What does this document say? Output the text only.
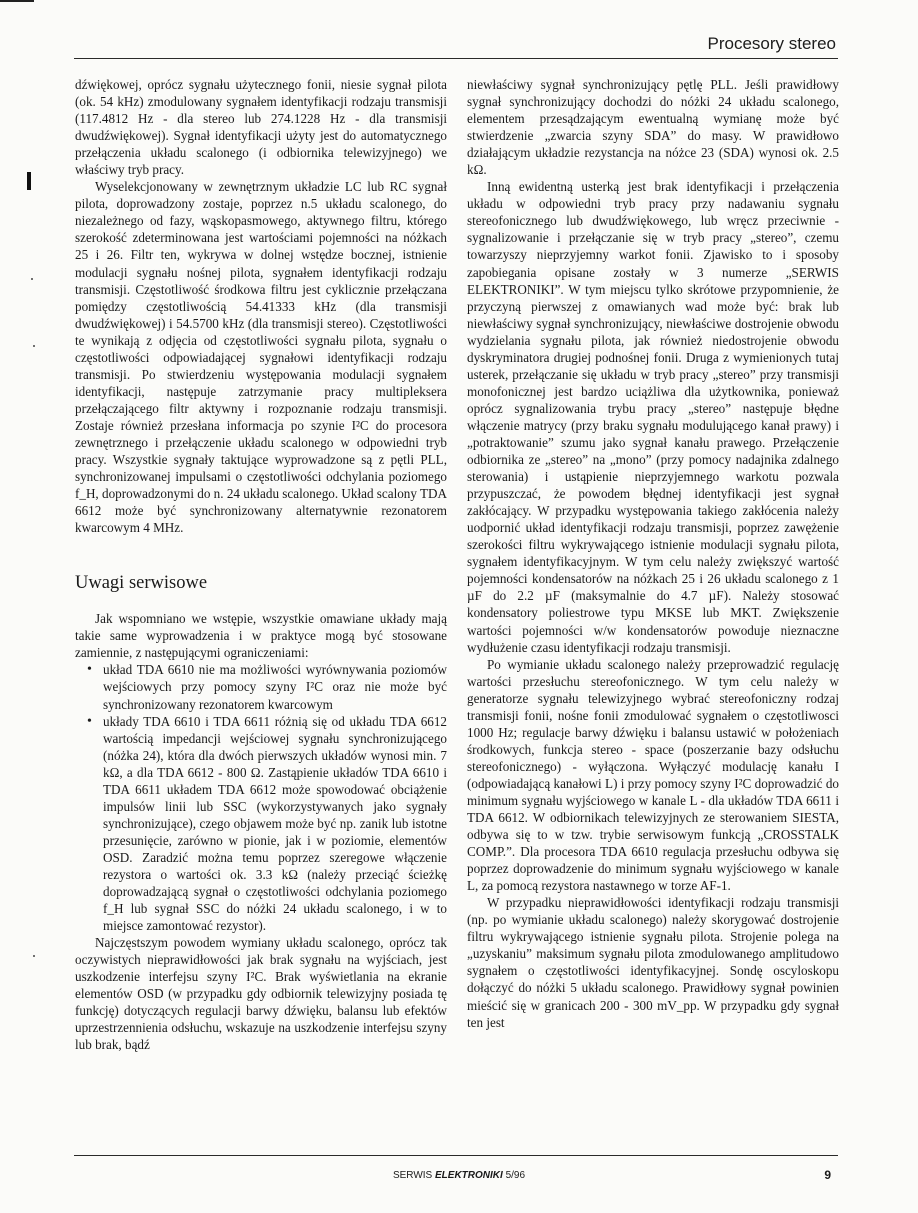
Procesory stereo

dźwiękowej, oprócz sygnału użytecznego fonii, niesie sygnał pilota (ok. 54 kHz) zmodulowany sygnałem identyfikacji rodzaju transmisji (117.4812 Hz - dla stereo lub 274.1228 Hz - dla transmisji dwudźwiękowej). Sygnał identyfikacji użyty jest do automatycznego przełączenia układu scalonego (i odbiornika telewizyjnego) we właściwy tryb pracy.

Wyselekcjonowany w zewnętrznym układzie LC lub RC sygnał pilota, doprowadzony zostaje, poprzez n.5 układu scalonego, do niezależnego od fazy, wąskopasmowego, aktywnego filtru, którego szerokość zdeterminowana jest wartościami pojemności na nóżkach 25 i 26. Filtr ten, wykrywa w dolnej wstędze bocznej, istnienie modulacji sygnału nośnej pilota, sygnałem identyfikacji rodzaju transmisji. Częstotliwość środkowa filtru jest cyklicznie przełączana pomiędzy częstotliwością 54.41333 kHz (dla transmisji dwudźwiękowej) i 54.5700 kHz (dla transmisji stereo). Częstotliwości te wynikają z odjęcia od częstotliwości sygnału pilota, sygnału o częstotliwości odpowiadającej sygnałowi identyfikacji rodzaju transmisji. Po stwierdzeniu występowania modulacji sygnałem identyfikacji, następuje zatrzymanie pracy multipleksera przełączającego filtr aktywny i rozpoznanie rodzaju transmisji. Zostaje również przesłana informacja po szynie I²C do procesora zewnętrznego i przełączenie układu scalonego w odpowiedni tryb pracy. Wszystkie sygnały taktujące wyprowadzone są z pętli PLL, synchronizowanej impulsami o częstotliwości odchylania poziomego f_H, doprowadzonymi do n. 24 układu scalonego. Układ scalony TDA 6612 może być synchronizowany alternatywnie rezonatorem kwarcowym 4 MHz.

Uwagi serwisowe

Jak wspomniano we wstępie, wszystkie omawiane układy mają takie same wyprowadzenia i w praktyce mogą być stosowane zamiennie, z następującymi ograniczeniami:

• układ TDA 6610 nie ma możliwości wyrównywania poziomów wejściowych przy pomocy szyny I²C oraz nie może być synchronizowany rezonatorem kwarcowym
• układy TDA 6610 i TDA 6611 różnią się od układu TDA 6612 wartością impedancji wejściowej sygnału synchronizującego (nóżka 24), która dla dwóch pierwszych układów wynosi min. 7 kΩ, a dla TDA 6612 - 800 Ω. Zastąpienie układów TDA 6610 i TDA 6611 układem TDA 6612 może spowodować obciążenie impulsów linii lub SSC (wykorzystywanych jako sygnały synchronizujące), czego objawem może być np. zanik lub istotne przesunięcie, zarówno w pionie, jak i w poziomie, elementów OSD. Zaradzić można temu poprzez szeregowe włączenie rezystora o wartości ok. 3.3 kΩ (należy przeciąć ścieżkę doprowadzającą sygnał o częstotliwości odchylania poziomego f_H lub sygnał SSC do nóżki 24 układu scalonego, i w to miejsce zamontować rezystor).

Najczęstszym powodem wymiany układu scalonego, oprócz tak oczywistych nieprawidłowości jak brak sygnału na wyjściach, jest uszkodzenie interfejsu szyny I²C. Brak wyświetlania na ekranie elementów OSD (w przypadku gdy odbiornik telewizyjny posiada tę funkcję) dotyczących regulacji barwy dźwięku, balansu lub efektów uprzestrzennienia odsłuchu, wskazuje na uszkodzenie interfejsu szyny lub brak, bądź

niewłaściwy sygnał synchronizujący pętlę PLL. Jeśli prawidłowy sygnał synchronizujący dochodzi do nóżki 24 układu scalonego, elementem przesądzającym ewentualną wymianę może być stwierdzenie „zwarcia szyny SDA” do masy. W prawidłowo działającym układzie rezystancja na nóżce 23 (SDA) wynosi ok. 2.5 kΩ.

Inną ewidentną usterką jest brak identyfikacji i przełączenia układu w odpowiedni tryb pracy przy nadawaniu sygnału stereofonicznego lub dwudźwiękowego, lub wręcz przeciwnie - sygnalizowanie i przełączanie się w tryb pracy „stereo”, czemu towarzyszy nieprzyjemny warkot fonii. Zjawisko to i sposoby zapobiegania opisane zostały w 3 numerze „SERWIS ELEKTRONIKI”. W tym miejscu tylko skrótowe przypomnienie, że przyczyną pierwszej z omawianych wad może być: brak lub niewłaściwy sygnał synchronizujący, niewłaściwe dostrojenie obwodu wydzielania sygnału pilota, jak również niedostrojenie obwodu dyskryminatora drugiej podnośnej fonii. Druga z wymienionych tutaj usterek, przełączanie się układu w tryb pracy „stereo” przy transmisji monofonicznej jest bardzo uciążliwa dla użytkownika, ponieważ oprócz sygnalizowania trybu pracy „stereo” następuje błędne włączenie matrycy (przy braku sygnału modulującego kanał prawy) i „potraktowanie” szumu jako sygnał kanału prawego. Przełączenie odbiornika ze „stereo” na „mono” (przy pomocy nadajnika zdalnego sterowania) i ustąpienie nieprzyjemnego warkotu pozwala przypuszczać, że powodem błędnej identyfikacji jest sygnał zakłócający. W przypadku występowania takiego zakłócenia należy uodpornić układ identyfikacji rodzaju transmisji, poprzez zawężenie szerokości filtru wykrywającego istnienie modulacji sygnału pilota, sygnałem identyfikacyjnym. W tym celu należy zwiększyć wartość pojemności kondensatorów na nóżkach 25 i 26 układu scalonego z 1 µF do 2.2 µF (maksymalnie do 4.7 µF). Należy stosować kondensatory poliestrowe typu MKSE lub MKT. Zwiększenie wartości pojemności w/w kondensatorów powoduje nieznaczne wydłużenie czasu identyfikacji rodzaju transmisji.

Po wymianie układu scalonego należy przeprowadzić regulację wartości przesłuchu stereofonicznego. W tym celu należy w generatorze sygnału telewizyjnego wybrać stereofoniczny rodzaj transmisji fonii, nośne fonii zmodulować sygnałem o częstotliwosci 1000 Hz; regulacje barwy dźwięku i balansu ustawić w położeniach środkowych, funkcja stereo - space (poszerzanie bazy odsłuchu stereofonicznego) - wyłączona. Wyłączyć modulację kanału I (odpowiadającą kanałowi L) i przy pomocy szyny I²C doprowadzić do minimum sygnału wyjściowego w kanale L - dla układów TDA 6611 i TDA 6612. W odbiornikach telewizyjnych ze sterowaniem SIESTA, odbywa się to w tzw. trybie serwisowym funkcją „CROSSTALK COMP.”. Dla procesora TDA 6610 regulacja przesłuchu odbywa się poprzez doprowadzenie do minimum sygnału wyjściowego w kanale L, za pomocą rezystora nastawnego w torze AF-1.

W przypadku nieprawidłowości identyfikacji rodzaju transmisji (np. po wymianie układu scalonego) należy skorygować dostrojenie filtru wykrywającego istnienie sygnału pilota. Strojenie polega na „uzyskaniu” maksimum sygnału pilota zmodulowanego amplitudowo sygnałem o częstotliwości identyfikacyjnej. Sondę oscyloskopu dołączyć do nóżki 5 układu scalonego. Prawidłowy sygnał powinien mieścić się w granicach 200 - 300 mV_pp. W przypadku gdy sygnał ten jest

SERWIS ELEKTRONIKI 5/96	9
